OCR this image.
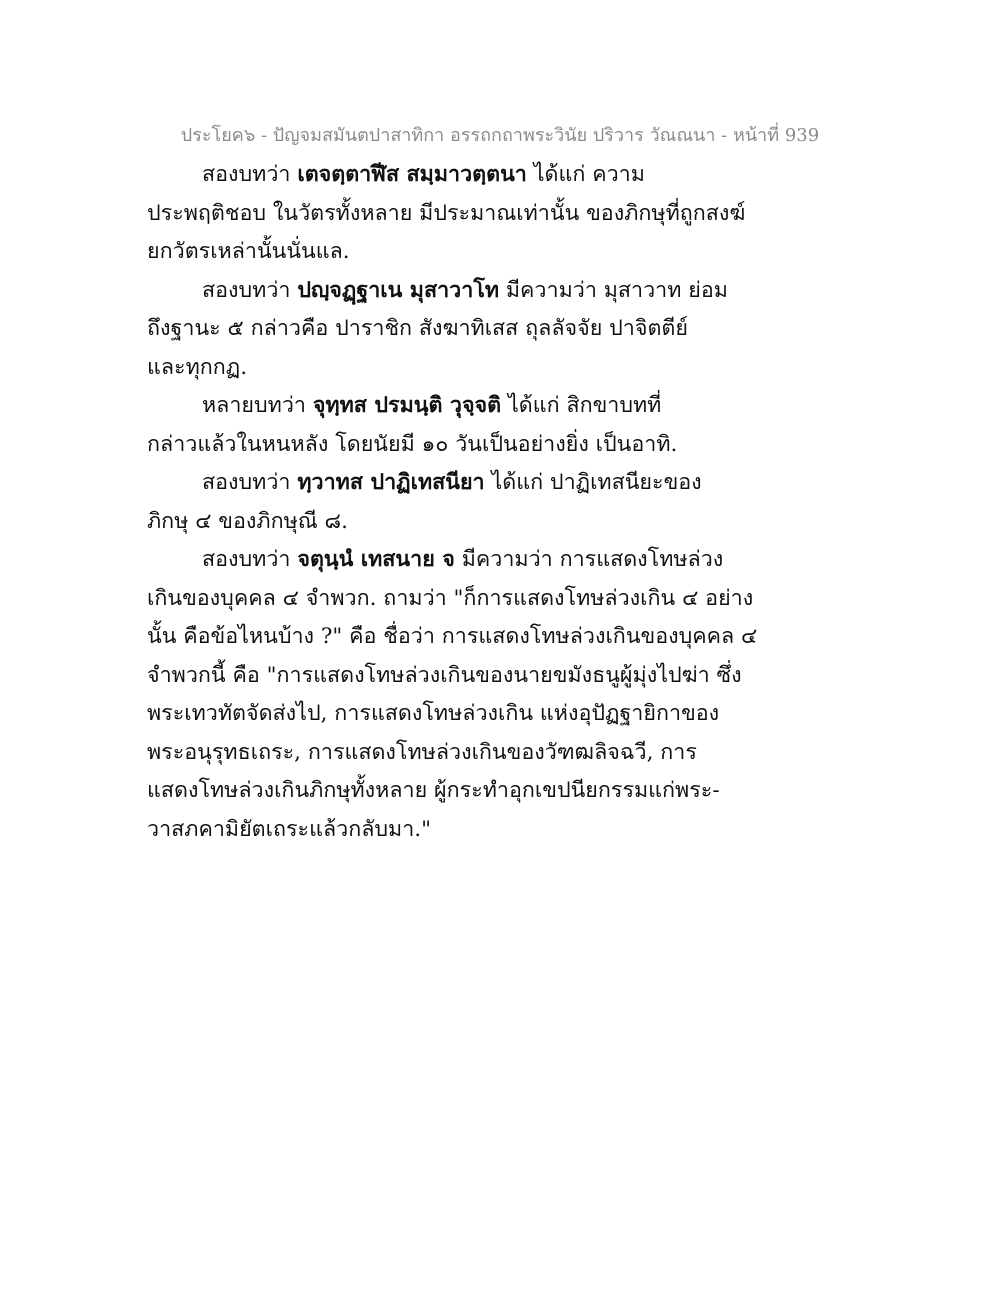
ประโยค๖ - ปัญจมสมันตปาสาทิกา อรรถกถาพระวินัย ปริวาร วัณณนา - หน้าที่ 939
สองบทว่า เตจตฺตาฬีส สมฺมาวตฺตนา ได้แก่ ความ
ประพฤติชอบ ในวัตรทั้งหลาย มีประมาณเท่านั้น ของภิกษุที่ถูกสงฆ์
ยกวัตรเหล่านั้นนั่นแล.
สองบทว่า ปญฺจฏฺฐาเน มุสาวาโท มีความว่า มุสาวาท ย่อม
ถึงฐานะ ๕ กล่าวคือ ปาราชิก สังฆาทิเสส ถุลลัจจัย ปาจิตตีย์
และทุกกฏ.
หลายบทว่า จุทฺทส ปรมนฺติ วุจฺจติ ได้แก่ สิกขาบทที่
กล่าวแล้วในหนหลัง โดยนัยมี ๑๐ วันเป็นอย่างยิ่ง เป็นอาทิ.
สองบทว่า ทฺวาทส ปาฏิเทสนียา ได้แก่ ปาฏิเทสนียะของ
ภิกษุ ๔ ของภิกษุณี ๘.
สองบทว่า จตุนฺนํ เทสนาย จ มีความว่า การแสดงโทษล่วง
เกินของบุคคล ๔ จำพวก. ถามว่า "ก็การแสดงโทษล่วงเกิน ๔ อย่าง
นั้น คือข้อไหนบ้าง ?" คือ ชื่อว่า การแสดงโทษล่วงเกินของบุคคล ๔
จำพวกนี้ คือ "การแสดงโทษล่วงเกินของนายขมังธนูผู้มุ่งไปฆ่า ซึ่ง
พระเทวทัตจัดส่งไป, การแสดงโทษล่วงเกิน แห่งอุปัฏฐายิกาของ
พระอนุรุทธเถระ, การแสดงโทษล่วงเกินของวัฑฒลิจฉวี, การ
แสดงโทษล่วงเกินภิกษุทั้งหลาย ผู้กระทำอุกเขปนียกรรมแก่พระ-
วาสภคามิยัตเถระแล้วกลับมา."
